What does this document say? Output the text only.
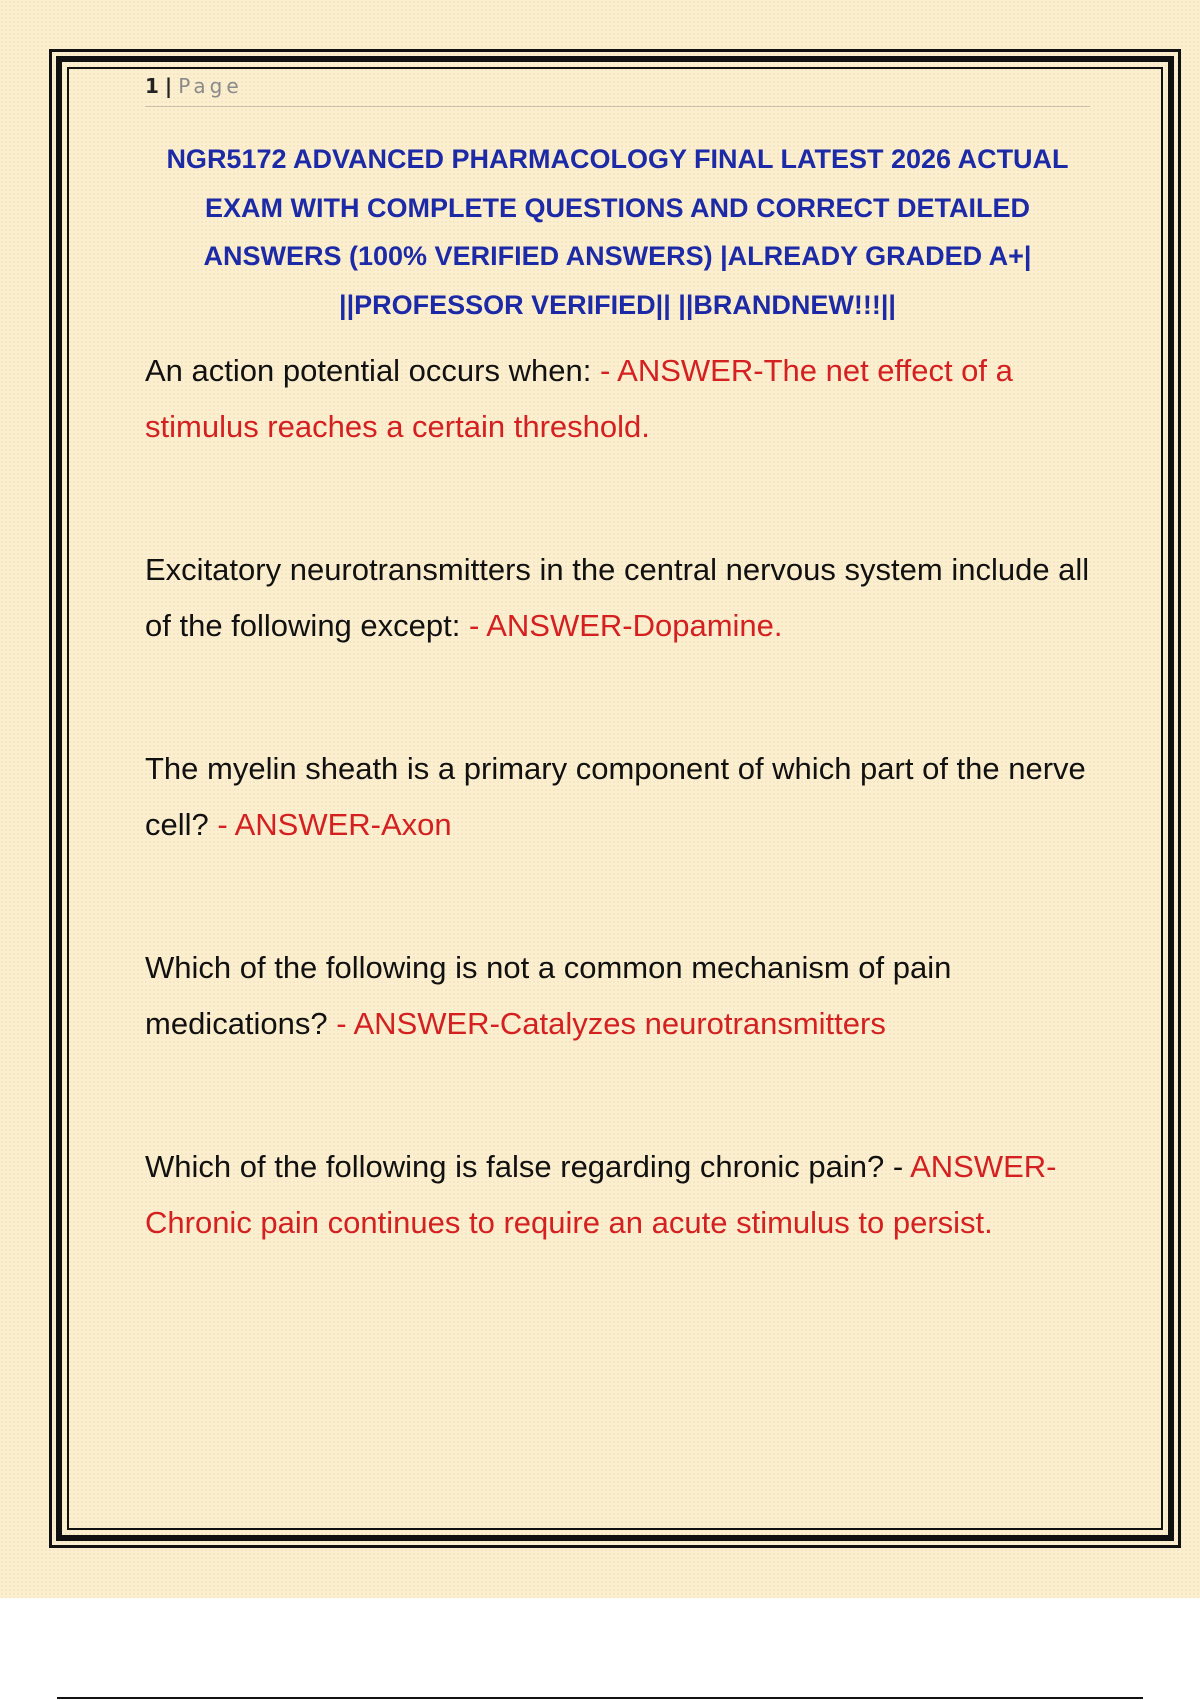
1 | Page
NGR5172 ADVANCED PHARMACOLOGY FINAL LATEST 2026 ACTUAL EXAM WITH COMPLETE QUESTIONS AND CORRECT DETAILED ANSWERS (100% VERIFIED ANSWERS) |ALREADY GRADED A+| ||PROFESSOR VERIFIED|| ||BRANDNEW!!!||
An action potential occurs when: - ANSWER-The net effect of a stimulus reaches a certain threshold.
Excitatory neurotransmitters in the central nervous system include all of the following except: - ANSWER-Dopamine.
The myelin sheath is a primary component of which part of the nerve cell? - ANSWER-Axon
Which of the following is not a common mechanism of pain medications? - ANSWER-Catalyzes neurotransmitters
Which of the following is false regarding chronic pain? - ANSWER-Chronic pain continues to require an acute stimulus to persist.
